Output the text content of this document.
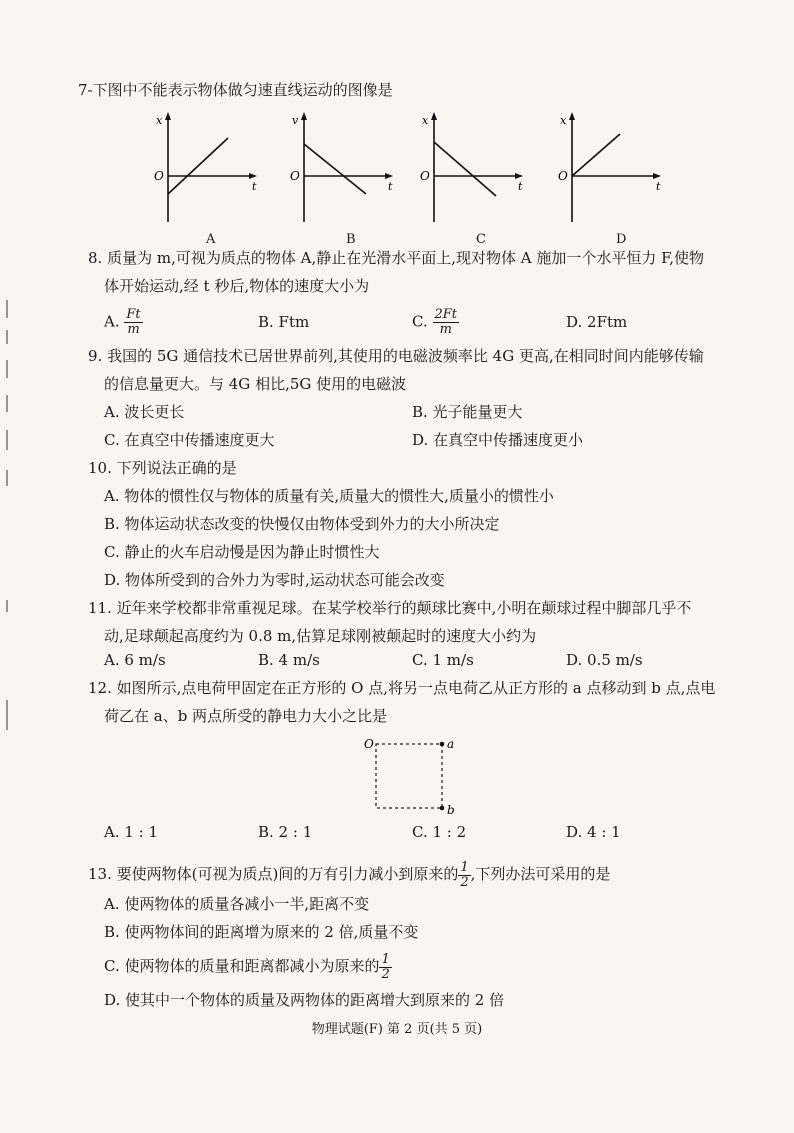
7-下图中不能表示物体做匀速直线运动的图像是
x
O
t
A
v
O
t
B
x
O
t
C
x
O
t
D
8. 质量为 m,可视为质点的物体 A,静止在光滑水平面上,现对物体 A 施加一个水平恒力 F,使物
体开始运动,经 t 秒后,物体的速度大小为
A. $\frac{Ft}{m}$	B. Ftm	C. $\frac{2Ft}{m}$	D. 2Ftm
9. 我国的 5G 通信技术已居世界前列,其使用的电磁波频率比 4G 更高,在相同时间内能够传输
的信息量更大。与 4G 相比,5G 使用的电磁波
A. 波长更长	B. 光子能量更大
C. 在真空中传播速度更大	D. 在真空中传播速度更小
10. 下列说法正确的是
A. 物体的惯性仅与物体的质量有关,质量大的惯性大,质量小的惯性小
B. 物体运动状态改变的快慢仅由物体受到外力的大小所决定
C. 静止的火车启动慢是因为静止时惯性大
D. 物体所受到的合外力为零时,运动状态可能会改变
11. 近年来学校都非常重视足球。在某学校举行的颠球比赛中,小明在颠球过程中脚部几乎不
动,足球颠起高度约为 0.8 m,估算足球刚被颠起时的速度大小约为
A. 6 m/s	B. 4 m/s	C. 1 m/s	D. 0.5 m/s
12. 如图所示,点电荷甲固定在正方形的 O 点,将另一点电荷乙从正方形的 a 点移动到 b 点,点电
荷乙在 a、b 两点所受的静电力大小之比是
O	a
b
A. 1 : 1	B. 2 : 1	C. 1 : 2	D. 4 : 1
13. 要使两物体(可视为质点)间的万有引力减小到原来的 $\frac{1}{2}$ ,下列办法可采用的是
A. 使两物体的质量各减小一半,距离不变
B. 使两物体间的距离增为原来的 2 倍,质量不变
C. 使两物体的质量和距离都减小为原来的 $\frac{1}{2}$
D. 使其中一个物体的质量及两物体的距离增大到原来的 2 倍
物理试题(F) 第 2 页(共 5 页)
